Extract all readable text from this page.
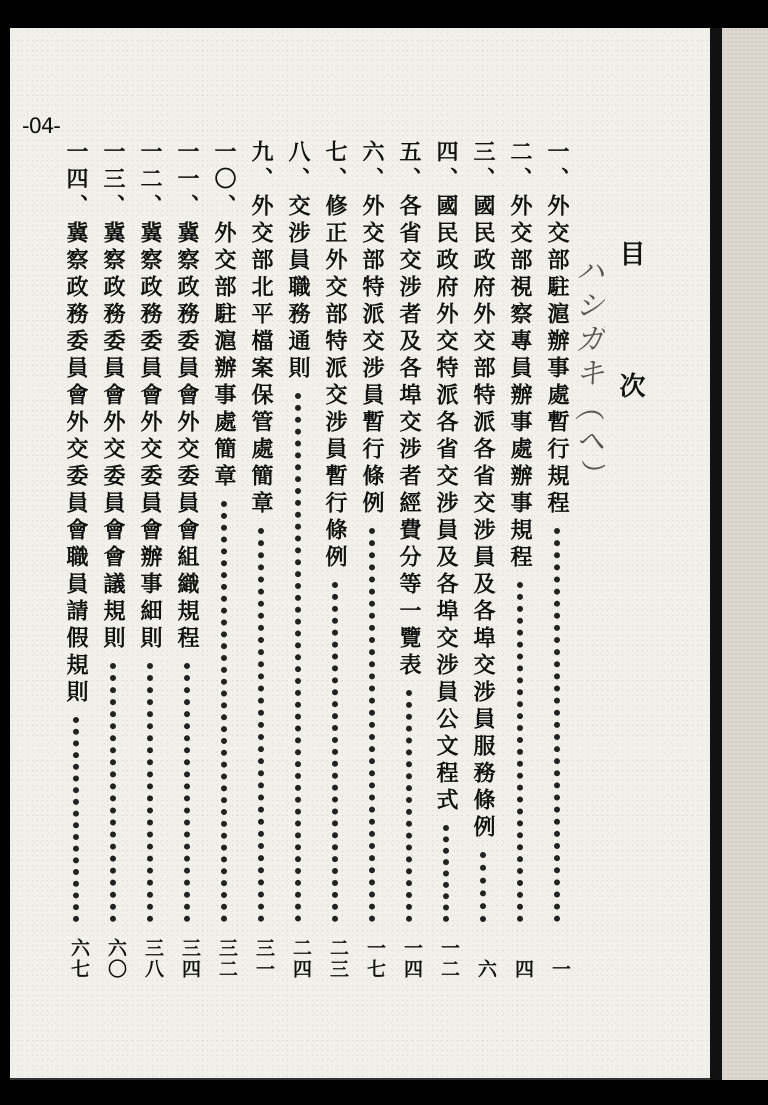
-04-
目　次
ハシガキ（ヘ）
一、外交部駐滬辦事處暫行規程
一
二、外交部視察專員辦事處辦事規程
四
三、國民政府外交部特派各省交涉員及各埠交涉員服務條例
六
四、國民政府外交特派各省交涉員及各埠交涉員公文程式
一二
五、各省交涉者及各埠交涉者經費分等一覽表
一四
六、外交部特派交涉員暫行條例
一七
七、修正外交部特派交涉員暫行條例
二三
八、交涉員職務通則
二四
九、外交部北平檔案保管處簡章
三一
一〇、外交部駐滬辦事處簡章
三二
一一、冀察政務委員會外交委員會組織規程
三四
一二、冀察政務委員會外交委員會辦事細則
三八
一三、冀察政務委員會外交委員會會議規則
六〇
一四、冀察政務委員會外交委員會職員請假規則
六七
